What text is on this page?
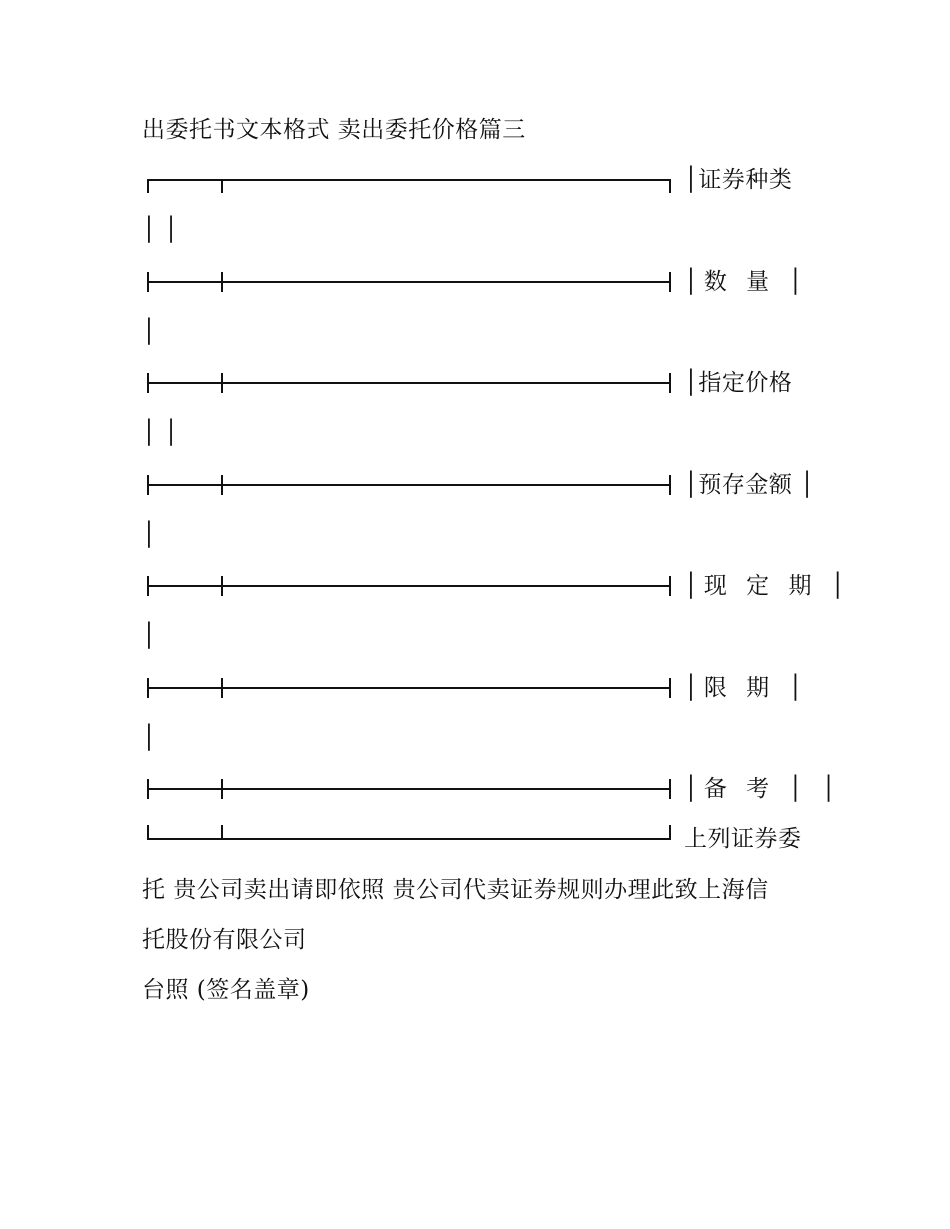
出委托书文本格式 卖出委托价格篇三
│证券种类
│ │
│数 量 │
│
│指定价格
│ │
│预存金额 │
│
│现 定 期 │
│
│限 期 │
│
│备 考 │ │
上列证券委
托 贵公司卖出请即依照 贵公司代卖证券规则办理此致上海信
托股份有限公司
台照 (签名盖章)
